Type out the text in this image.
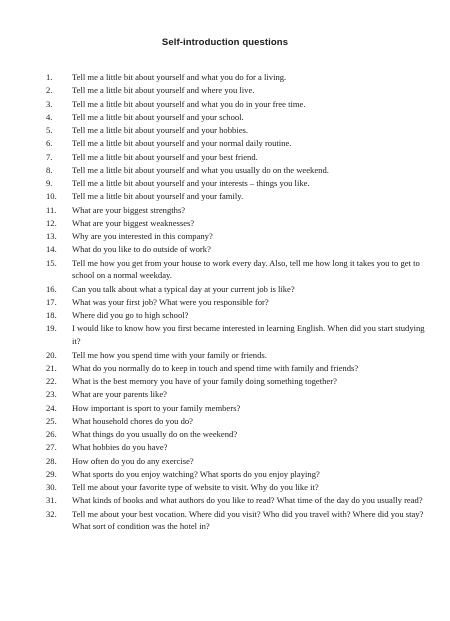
Self-introduction questions
1. Tell me a little bit about yourself and what you do for a living.
2. Tell me a little bit about yourself and where you live.
3. Tell me a little bit about yourself and what you do in your free time.
4. Tell me a little bit about yourself and your school.
5. Tell me a little bit about yourself and your hobbies.
6. Tell me a little bit about yourself and your normal daily routine.
7. Tell me a little bit about yourself and your best friend.
8. Tell me a little bit about yourself and what you usually do on the weekend.
9. Tell me a little bit about yourself and your interests – things you like.
10. Tell me a little bit about yourself and your family.
11. What are your biggest strengths?
12. What are your biggest weaknesses?
13. Why are you interested in this company?
14. What do you like to do outside of work?
15. Tell me how you get from your house to work every day. Also, tell me how long it takes you to get to school on a normal weekday.
16. Can you talk about what a typical day at your current job is like?
17. What was your first job? What were you responsible for?
18. Where did you go to high school?
19. I would like to know how you first became interested in learning English. When did you start studying it?
20. Tell me how you spend time with your family or friends.
21. What do you normally do to keep in touch and spend time with family and friends?
22. What is the best memory you have of your family doing something together?
23. What are your parents like?
24. How important is sport to your family members?
25. What household chores do you do?
26. What things do you usually do on the weekend?
27. What hobbies do you have?
28. How often do you do any exercise?
29. What sports do you enjoy watching? What sports do you enjoy playing?
30. Tell me about your favorite type of website to visit. Why do you like it?
31. What kinds of books and what authors do you like to read? What time of the day do you usually read?
32. Tell me about your best vocation. Where did you visit? Who did you travel with? Where did you stay? What sort of condition was the hotel in?
